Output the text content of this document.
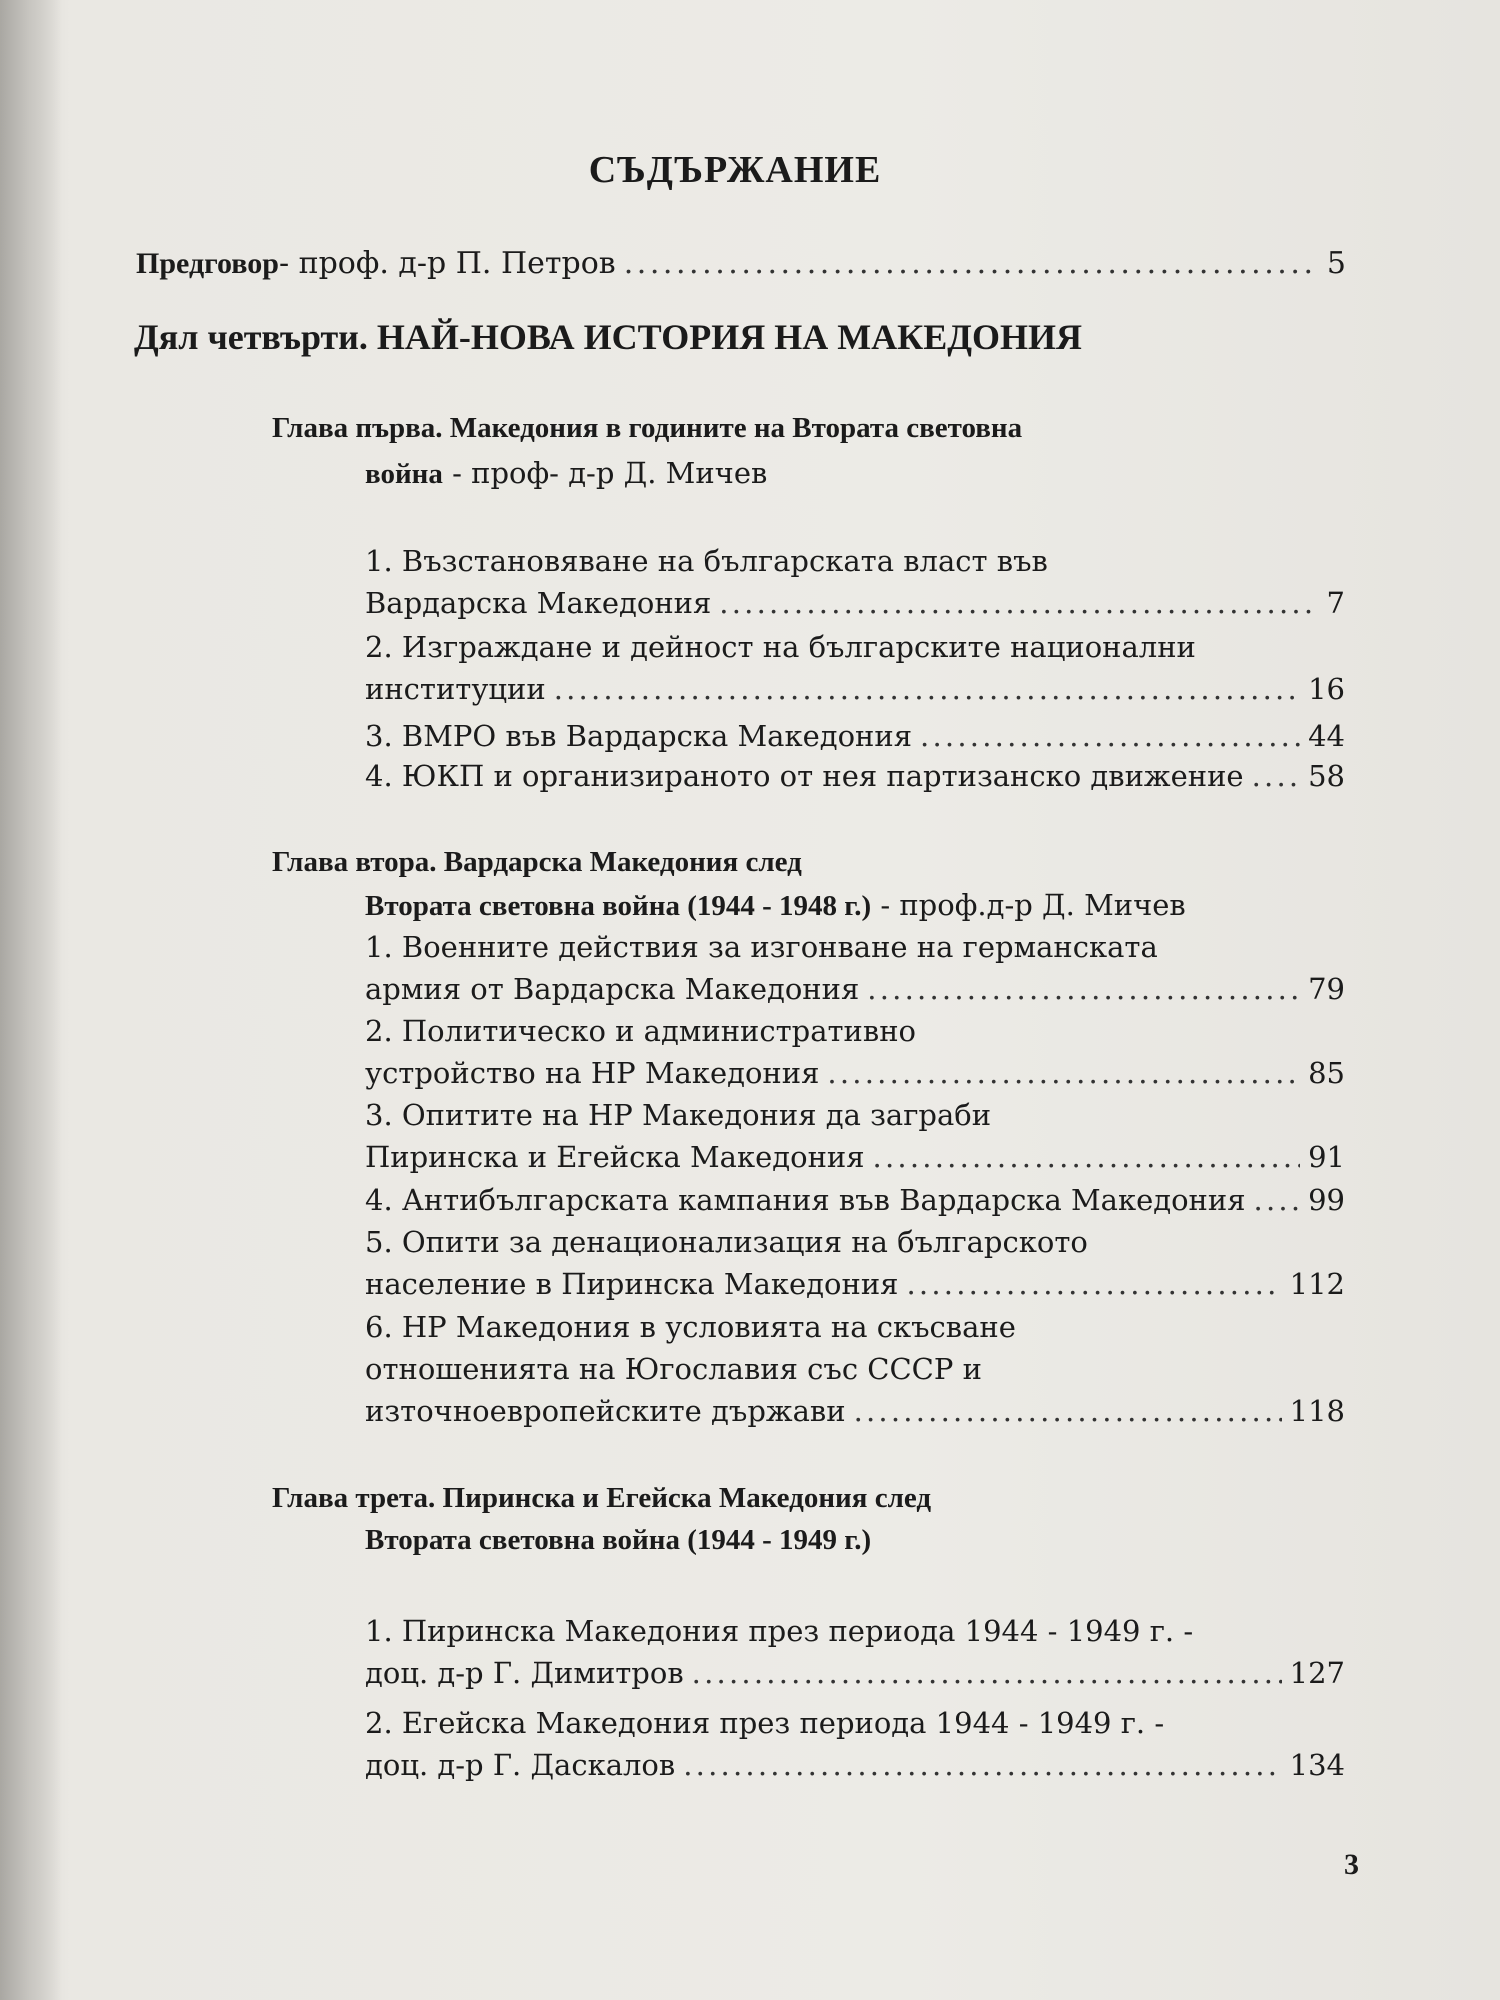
СЪДЪРЖАНИЕ
Предговор - проф. д-р П. Петров . . .	5
Дял четвърти. НАЙ-НОВА ИСТОРИЯ НА МАКЕДОНИЯ
Глава първа. Македония в годините на Втората световна
война - проф- д-р Д. Мичев
1. Възстановяване на българската власт във
Вардарска Македония . . .	7
2. Изграждане и дейност на българските национални
институции . . .	16
3. ВМРО във Вардарска Македония . . .	44
4. ЮКП и организираното от нея партизанско движение . . . 58
Глава втора. Вардарска Македония след
Втората световна война (1944 - 1948 г.) - проф.д-р Д. Мичев
1. Военните действия за изгонване на германската
армия от Вардарска Македония . . .	79
2. Политическо и административно
устройство на НР Македония . . .	85
3. Опитите на НР Македония да заграби
Пиринска и Егейска Македония . . .	91
4. Антибългарската кампания във Вардарска Македония . . . 99
5. Опити за денационализация на българското
население в Пиринска Македония . . .	112
6. НР Македония в условията на скъсване
отношенията на Югославия със СССР и
източноевропейските държави . . .	118
Глава трета. Пиринска и Егейска Македония след
Втората световна война (1944 - 1949 г.)
1. Пиринска Македония през периода 1944 - 1949 г. -
доц. д-р Г. Димитров . . .	127
2. Егейска Македония през периода 1944 - 1949 г. -
доц. д-р Г. Даскалов . . .	134
3
